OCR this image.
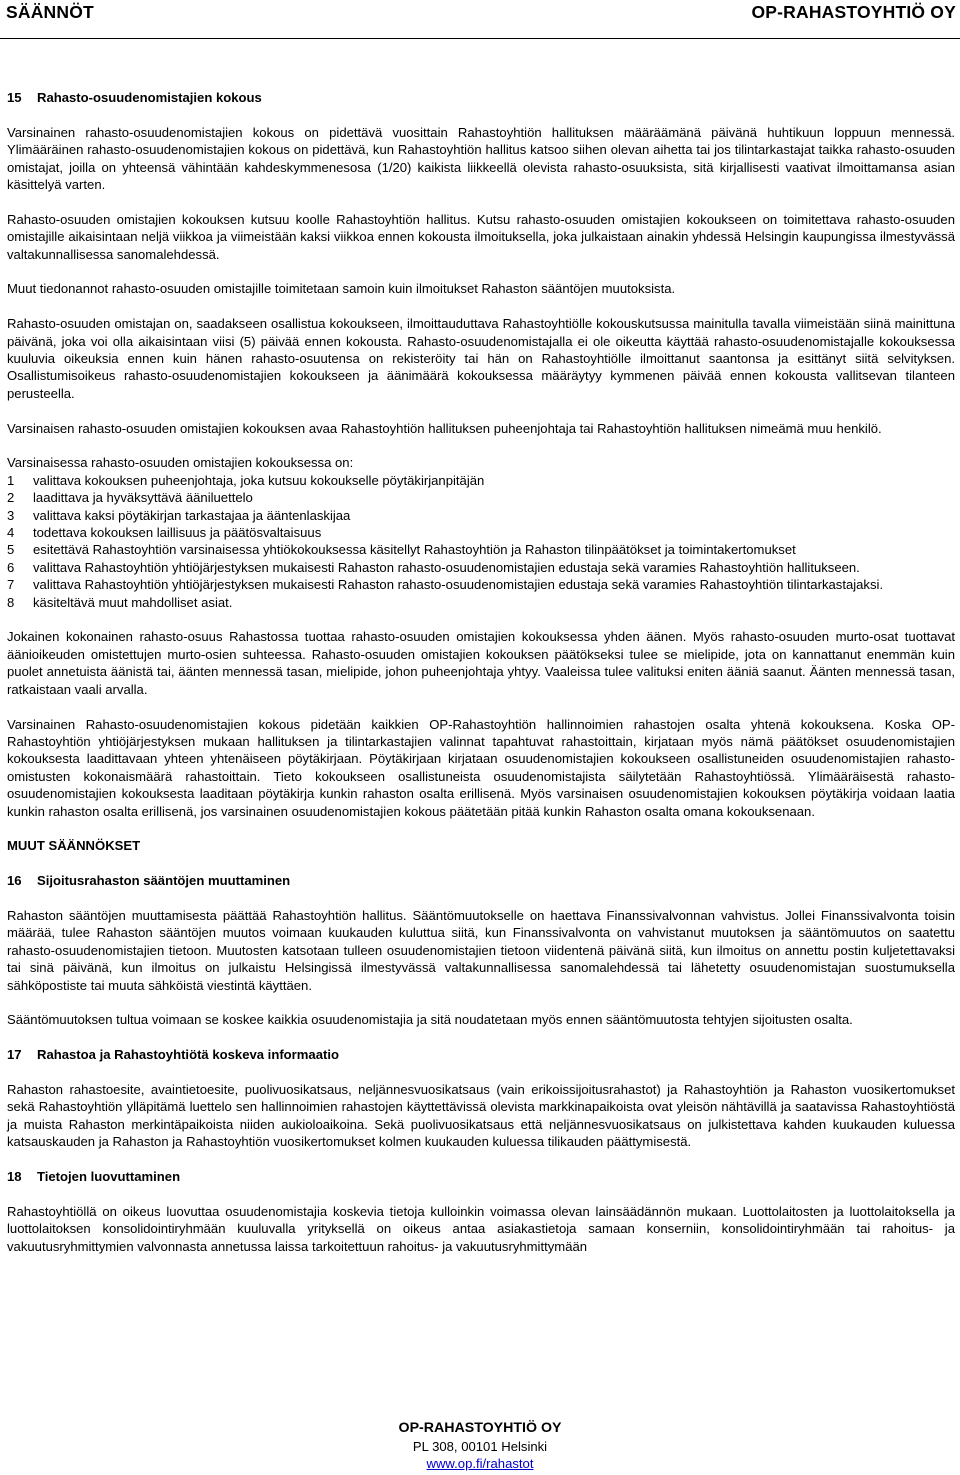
SÄÄNNÖT	OP-RAHASTOYHTIÖ OY
15 Rahasto-osuudenomistajien kokous

Varsinainen rahasto-osuudenomistajien kokous on pidettävä vuosittain Rahastoyhtiön hallituksen määräämänä päivänä huhtikuun loppuun mennessä. Ylimääräinen rahasto-osuudenomistajien kokous on pidettävä, kun Rahastoyhtiön hallitus katsoo siihen olevan aihetta tai jos tilintarkastajat taikka rahasto-osuuden omistajat, joilla on yhteensä vähintään kahdeskymmenesosa (1/20) kaikista liikkeellä olevista rahasto-osuuksista, sitä kirjallisesti vaativat ilmoittamansa asian käsittelyä varten.

Rahasto-osuuden omistajien kokouksen kutsuu koolle Rahastoyhtiön hallitus. Kutsu rahasto-osuuden omistajien kokoukseen on toimitettava rahasto-osuuden omistajille aikaisintaan neljä viikkoa ja viimeistään kaksi viikkoa ennen kokousta ilmoituksella, joka julkaistaan ainakin yhdessä Helsingin kaupungissa ilmestyvässä valtakunnallisessa sanomalehdessä.

Muut tiedonannot rahasto-osuuden omistajille toimitetaan samoin kuin ilmoitukset Rahaston sääntöjen muutoksista.

Rahasto-osuuden omistajan on, saadakseen osallistua kokoukseen, ilmoittauduttava Rahastoyhtiölle kokouskutsussa mainitulla tavalla viimeistään siinä mainittuna päivänä, joka voi olla aikaisintaan viisi (5) päivää ennen kokousta. Rahasto-osuudenomistajalla ei ole oikeutta käyttää rahasto-osuudenomistajalle kokouksessa kuuluvia oikeuksia ennen kuin hänen rahasto-osuutensa on rekisteröity tai hän on Rahastoyhtiölle ilmoittanut saantonsa ja esittänyt siitä selvityksen. Osallistumisoikeus rahasto-osuudenomistajien kokoukseen ja äänimäärä kokouksessa määräytyy kymmenen päivää ennen kokousta vallitsevan tilanteen perusteella.

Varsinaisen rahasto-osuuden omistajien kokouksen avaa Rahastoyhtiön hallituksen puheenjohtaja tai Rahastoyhtiön hallituksen nimeämä muu henkilö.

Varsinaisessa rahasto-osuuden omistajien kokouksessa on:
1	valittava kokouksen puheenjohtaja, joka kutsuu kokoukselle pöytäkirjanpitäjän
2	laadittava ja hyväksyttävä ääniluettelo
3	valittava kaksi pöytäkirjan tarkastajaa ja ääntenlaskijaa
4	todettava kokouksen laillisuus ja päätösvaltaisuus
5	esitettävä Rahastoyhtiön varsinaisessa yhtiökokouksessa käsitellyt Rahastoyhtiön ja Rahaston tilinpäätökset ja toimintakertomukset
6	valittava Rahastoyhtiön yhtiöjärjestyksen mukaisesti Rahaston rahasto-osuudenomistajien edustaja sekä varamies Rahastoyhtiön hallitukseen.
7	valittava Rahastoyhtiön yhtiöjärjestyksen mukaisesti Rahaston rahasto-osuudenomistajien edustaja sekä varamies Rahastoyhtiön tilintarkastajaksi.
8	käsiteltävä muut mahdolliset asiat.

Jokainen kokonainen rahasto-osuus Rahastossa tuottaa rahasto-osuuden omistajien kokouksessa yhden äänen. Myös rahasto-osuuden murto-osat tuottavat äänioikeuden omistettujen murto-osien suhteessa. Rahasto-osuuden omistajien kokouksen päätökseksi tulee se mielipide, jota on kannattanut enemmän kuin puolet annetuista äänistä tai, äänten mennessä tasan, mielipide, johon puheenjohtaja yhtyy. Vaaleissa tulee valituksi eniten ääniä saanut. Äänten mennessä tasan, ratkaistaan vaali arvalla.

Varsinainen Rahasto-osuudenomistajien kokous pidetään kaikkien OP-Rahastoyhtiön hallinnoimien rahastojen osalta yhtenä kokouksena. Koska OP-Rahastoyhtiön yhtiöjärjestyksen mukaan hallituksen ja tilintarkastajien valinnat tapahtuvat rahastoittain, kirjataan myös nämä päätökset osuudenomistajien kokouksesta laadittavaan yhteen yhtenäiseen pöytäkirjaan. Pöytäkirjaan kirjataan osuudenomistajien kokoukseen osallistuneiden osuudenomistajien rahasto-omistusten kokonaismäärä rahastoittain. Tieto kokoukseen osallistuneista osuudenomistajista säilytetään Rahastoyhtiössä. Ylimääräisestä rahasto-osuudenomistajien kokouksesta laaditaan pöytäkirja kunkin rahaston osalta erillisenä. Myös varsinaisen osuudenomistajien kokouksen pöytäkirja voidaan laatia kunkin rahaston osalta erillisenä, jos varsinainen osuudenomistajien kokous päätetään pitää kunkin Rahaston osalta omana kokouksenaan.

MUUT SÄÄNNÖKSET
16 Sijoitusrahaston sääntöjen muuttaminen

Rahaston sääntöjen muuttamisesta päättää Rahastoyhtiön hallitus. Sääntömuutokselle on haettava Finanssivalvonnan vahvistus. Jollei Finanssivalvonta toisin määrää, tulee Rahaston sääntöjen muutos voimaan kuukauden kuluttua siitä, kun Finanssivalvonta on vahvistanut muutoksen ja sääntömuutos on saatettu rahasto-osuudenomistajien tietoon. Muutosten katsotaan tulleen osuudenomistajien tietoon viidentenä päivänä siitä, kun ilmoitus on annettu postin kuljetettavaksi tai sinä päivänä, kun ilmoitus on julkaistu Helsingissä ilmestyvässä valtakunnallisessa sanomalehdessä tai lähetetty osuudenomistajan suostumuksella sähköpostiste tai muuta sähköistä viestintä käyttäen.

Sääntömuutoksen tultua voimaan se koskee kaikkia osuudenomistajia ja sitä noudatetaan myös ennen sääntömuutosta tehtyjen sijoitusten osalta.

17 Rahastoa ja Rahastoyhtiötä koskeva informaatio

Rahaston rahastoesite, avaintietoesite, puolivuosikatsaus, neljännesvuosikatsaus (vain erikoissijoitusrahastot) ja Rahastoyhtiön ja Rahaston vuosikertomukset sekä Rahastoyhtiön ylläpitämä luettelo sen hallinnoimien rahastojen käyttettävissä olevista markkinapaikoista ovat yleisön nähtävillä ja saatavissa Rahastoyhtiöstä ja muista Rahaston merkintäpaikoista niiden aukioloaikoina. Sekä puolivuosikatsaus että neljännesvuosikatsaus on julkistettava kahden kuukauden kuluessa katsauskauden ja Rahaston ja Rahastoyhtiön vuosikertomukset kolmen kuukauden kuluessa tilikauden päättymisestä.

18 Tietojen luovuttaminen

Rahastoyhtiöllä on oikeus luovuttaa osuudenomistajia koskevia tietoja kulloinkin voimassa olevan lainsäädännön mukaan. Luottolaitosten ja luottolaitoksella ja luottolaitoksen konsolidointiryhmään kuuluvalla yrityksellä on oikeus antaa asiakastietoja samaan konserniin, konsolidointiryhmään tai rahoitus- ja vakuutusryhmittymien valvonnasta annetussa laissa tarkoitettuun rahoitus- ja vakuutusryhmittymään

OP-RAHASTOYHTIÖ OY
PL 308, 00101 Helsinki
www.op.fi/rahastot
